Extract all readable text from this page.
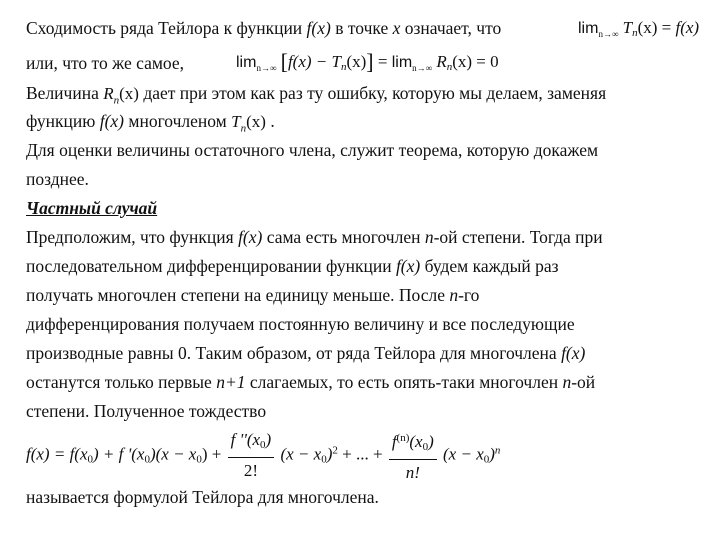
Сходимость ряда Тейлора к функции f(x) в точке x означает, что	$\lim_{n\to\infty} T_n(x) = f(x)$
или, что то же самое,	$\lim_{n\to\infty} [f(x) - T_n(x)] = \lim_{n\to\infty} R_n(x) = 0$
Величина $R_n(x)$ дает при этом как раз ту ошибку, которую мы делаем, заменяя
функцию f(x) многочленом $T_n(x)$ .
Для оценки величины остаточного члена, служит теорема, которую докажем
позднее.
Частный случай
Предположим, что функция f(x) сама есть многочлен n-ой степени. Тогда при
последовательном дифференцировании функции f(x) будем каждый раз
получать многочлен степени на единицу меньше. После n-го
дифференцирования получаем постоянную величину и все последующие
производные равны 0. Таким образом, от ряда Тейлора для многочлена f(x)
останутся только первые n+1 слагаемых, то есть опять-таки многочлен n-ой
степени. Полученное тождество
$f(x) = f(x_0) + f$ '$(x_0)(x - x_0) + \frac{f ''(x_0)}{2!} (x - x_0)^2$ + ... + $\frac{f^{(n)}(x_0)}{n!} (x - x_0)^n$
называется формулой Тейлора для многочлена.
